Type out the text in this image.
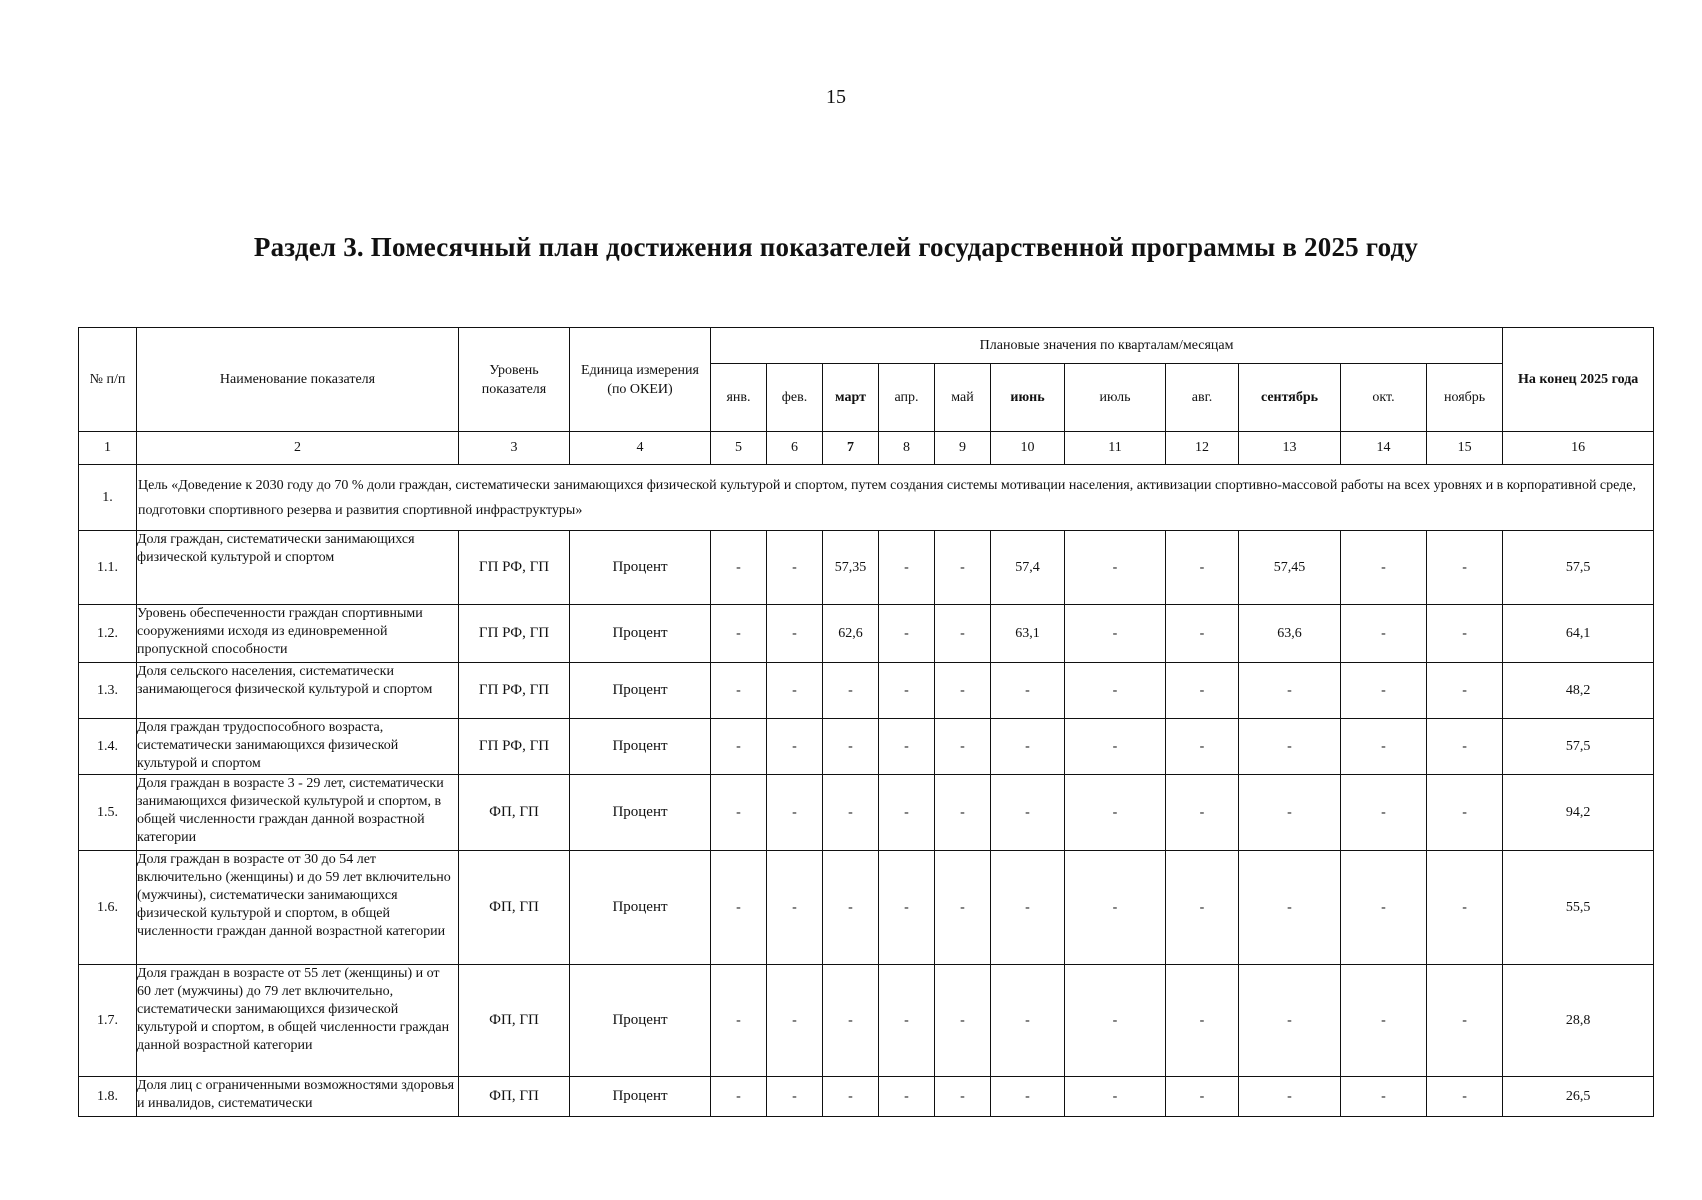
15
Раздел 3. Помесячный план достижения показателей государственной программы в 2025 году
№ п/п	Наименование показателя	Уровень показателя	Единица измерения (по ОКЕИ)	Плановые значения по кварталам/месяцам											На конец 2025 года
				янв.	фев.	март	апр.	май	июнь	июль	авг.	сентябрь	окт.	ноябрь	
1	2	3	4	5	6	7	8	9	10	11	12	13	14	15	16
1.	Цель «Доведение к 2030 году до 70 % доли граждан, систематически занимающихся физической культурой и спортом, путем создания системы мотивации населения, активизации спортивно-массовой работы на всех уровнях и в корпоративной среде, подготовки спортивного резерва и развития спортивной инфраструктуры»														
1.1.	Доля граждан, систематически занимающихся физической культурой и спортом	ГП РФ, ГП	Процент	-	-	57,35	-	-	57,4	-	-	57,45	-	-	57,5
1.2.	Уровень обеспеченности граждан спортивными сооружениями исходя из единовременной пропускной способности	ГП РФ, ГП	Процент	-	-	62,6	-	-	63,1	-	-	63,6	-	-	64,1
1.3.	Доля сельского населения, систематически занимающегося физической культурой и спортом	ГП РФ, ГП	Процент	-	-	-	-	-	-	-	-	-	-	-	48,2
1.4.	Доля граждан трудоспособного возраста, систематически занимающихся физической культурой и спортом	ГП РФ, ГП	Процент	-	-	-	-	-	-	-	-	-	-	-	57,5
1.5.	Доля граждан в возрасте 3 - 29 лет, систематически занимающихся физической культурой и спортом, в общей численности граждан данной возрастной категории	ФП, ГП	Процент	-	-	-	-	-	-	-	-	-	-	-	94,2
1.6.	Доля граждан в возрасте от 30 до 54 лет включительно (женщины) и до 59 лет включительно (мужчины), систематически занимающихся физической культурой и спортом, в общей численности граждан данной возрастной категории	ФП, ГП	Процент	-	-	-	-	-	-	-	-	-	-	-	55,5
1.7.	Доля граждан в возрасте от 55 лет (женщины) и от 60 лет (мужчины) до 79 лет включительно, систематически занимающихся физической культурой и спортом, в общей численности граждан данной возрастной категории	ФП, ГП	Процент	-	-	-	-	-	-	-	-	-	-	-	28,8
1.8.	Доля лиц с ограниченными возможностями здоровья и инвалидов, систематически	ФП, ГП	Процент	-	-	-	-	-	-	-	-	-	-	-	26,5
